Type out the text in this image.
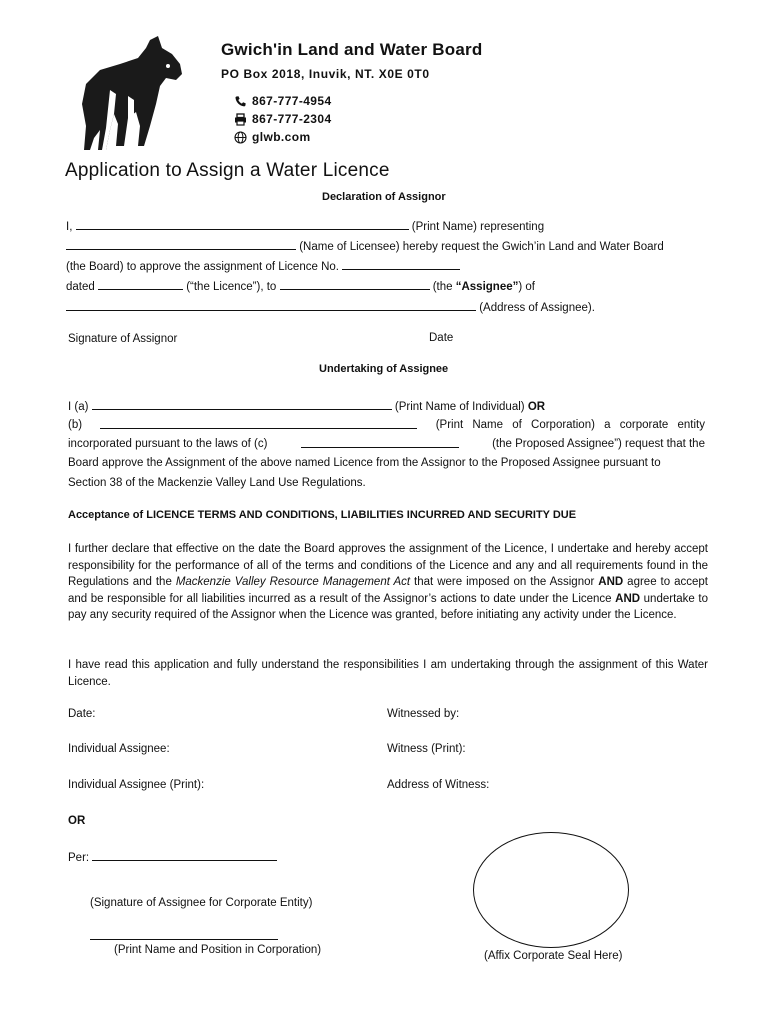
Gwich'in Land and Water Board
PO Box 2018, Inuvik, NT. X0E 0T0
867-777-4954
867-777-2304
glwb.com
Application to Assign a Water Licence
Declaration of Assignor
I,	(Print Name) representing
(Name of Licensee) hereby request the Gwich’in Land and Water Board
(the Board) to approve the assignment of Licence No.
dated	(“the Licence”), to	(the “Assignee”) of
(Address of Assignee).
Signature of Assignor	Date
Undertaking of Assignee
I (a)	(Print Name of Individual) OR
(b)	(Print Name of Corporation) a corporate entity
incorporated pursuant to the laws of (c)	(the Proposed Assignee”) request that the
Board approve the Assignment of the above named Licence from the Assignor to the Proposed Assignee pursuant to
Section 38 of the Mackenzie Valley Land Use Regulations.
Acceptance of LICENCE TERMS AND CONDITIONS, LIABILITIES INCURRED AND SECURITY DUE
I further declare that effective on the date the Board approves the assignment of the Licence, I undertake and hereby accept responsibility for the performance of all of the terms and conditions of the Licence and any and all requirements found in the Regulations and the Mackenzie Valley Resource Management Act that were imposed on the Assignor AND agree to accept and be responsible for all liabilities incurred as a result of the Assignor’s actions to date under the Licence AND undertake to pay any security required of the Assignor when the Licence was granted, before initiating any activity under the Licence.
I have read this application and fully understand the responsibilities I am undertaking through the assignment of this Water Licence.
Date:	Witnessed by:
Individual Assignee:	Witness (Print):
Individual Assignee (Print):	Address of Witness:
OR
Per:
(Signature of Assignee for Corporate Entity)
(Print Name and Position in Corporation)	(Affix Corporate Seal Here)
